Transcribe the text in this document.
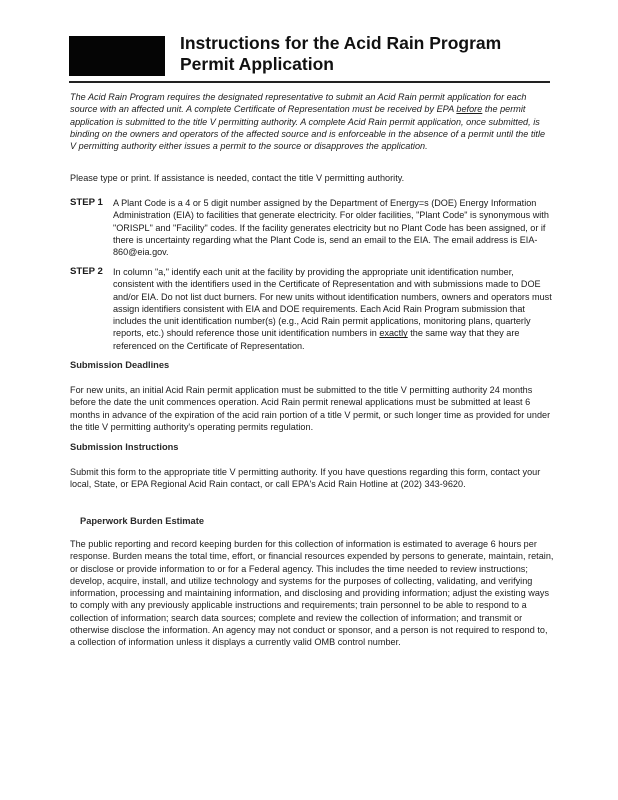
Instructions for the Acid Rain Program
Permit Application
The Acid Rain Program requires the designated representative to submit an Acid Rain permit application for each source with an affected unit. A complete Certificate of Representation must be received by EPA before the permit application is submitted to the title V permitting authority. A complete Acid Rain permit application, once submitted, is binding on the owners and operators of the affected source and is enforceable in the absence of a permit until the title V permitting authority either issues a permit to the source or disapproves the application.
Please type or print. If assistance is needed, contact the title V permitting authority.
STEP 1 A Plant Code is a 4 or 5 digit number assigned by the Department of Energy=s (DOE) Energy Information Administration (EIA) to facilities that generate electricity. For older facilities, "Plant Code" is synonymous with "ORISPL" and "Facility" codes. If the facility generates electricity but no Plant Code has been assigned, or if there is uncertainty regarding what the Plant Code is, send an email to the EIA. The email address is EIA-860@eia.gov.
STEP 2 In column "a," identify each unit at the facility by providing the appropriate unit identification number, consistent with the identifiers used in the Certificate of Representation and with submissions made to DOE and/or EIA. Do not list duct burners. For new units without identification numbers, owners and operators must assign identifiers consistent with EIA and DOE requirements. Each Acid Rain Program submission that includes the unit identification number(s) (e.g., Acid Rain permit applications, monitoring plans, quarterly reports, etc.) should reference those unit identification numbers in exactly the same way that they are referenced on the Certificate of Representation.
Submission Deadlines
For new units, an initial Acid Rain permit application must be submitted to the title V permitting authority 24 months before the date the unit commences operation. Acid Rain permit renewal applications must be submitted at least 6 months in advance of the expiration of the acid rain portion of a title V permit, or such longer time as provided for under the title V permitting authority's operating permits regulation.
Submission Instructions
Submit this form to the appropriate title V permitting authority. If you have questions regarding this form, contact your local, State, or EPA Regional Acid Rain contact, or call EPA's Acid Rain Hotline at (202) 343-9620.
Paperwork Burden Estimate
The public reporting and record keeping burden for this collection of information is estimated to average 6 hours per response. Burden means the total time, effort, or financial resources expended by persons to generate, maintain, retain, or disclose or provide information to or for a Federal agency. This includes the time needed to review instructions; develop, acquire, install, and utilize technology and systems for the purposes of collecting, validating, and verifying information, processing and maintaining information, and disclosing and providing information; adjust the existing ways to comply with any previously applicable instructions and requirements; train personnel to be able to respond to a collection of information; search data sources; complete and review the collection of information; and transmit or otherwise disclose the information. An agency may not conduct or sponsor, and a person is not required to respond to, a collection of information unless it displays a currently valid OMB control number.
